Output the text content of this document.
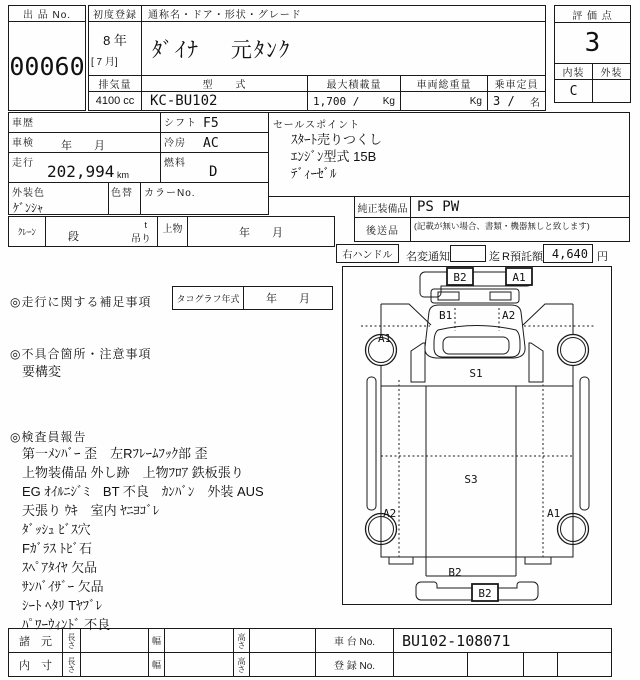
出 品 No.
00060
初度登録
8 年
[ 7 月]
通称名・ドア・形状・グレード
ﾀﾞｲﾅ　 元ﾀﾝｸ
排気量
4100 cc
型　　式
KC-BU102
最大積載量
1,700 / Kg
車両総重量
Kg
乗車定員
3 / 名
評 価 点
3
内装	外装
C
車歴	シフト F5
車検 年　　月	冷房 AC
走行 202,994 km
燃料
D
外装色
ｹﾞﾝｼｬ
色替 カラーNo.
ｸﾚｰﾝ	段
t
吊り
上物	年　　月
セールスポイント
ｽﾀｰﾄ売りつくし
ｴﾝｼﾞﾝ型式 15B
ﾃﾞｨｰｾﾞﾙ
純正装備品 PS PW
後送品	(記載が無い場合、書類・機器無しと致します)
右ハンドル	名変通知	迄 R預託額 4,640 円
◎走行に関する補足事項	タコグラフ年式	年　　月
◎不具合箇所・注意事項
要構変
◎検査員報告
第一ﾒﾝﾊﾞｰ 歪　左Rﾌﾚｰﾑﾌｯｸ部 歪
上物装備品 外し跡　上物ﾌﾛｱ 鉄板張り
EG ｵｲﾙﾆｼﾞﾐ　BT 不良　ｶﾝﾊﾞﾝ　外装 AUS
天張り ｳｷ　室内 ﾔﾆﾖｺﾞﾚ
ﾀﾞｯｼｭ ﾋﾞｽ穴
Fｶﾞﾗｽ ﾄﾋﾞ石
ｽﾍﾟｱﾀｲﾔ 欠品
ｻﾝﾊﾞｲｻﾞｰ 欠品
ｼｰﾄ ﾍﾀﾘ Tﾔﾌﾞﾚ
ﾊﾟﾜｰｳｨﾝﾄﾞ 不良
B2	A1
B1	A2
A1
S1
S3
A2	A1
B2
B2
諸　元	長さ	幅	高さ	車 台 No.	BU102-108071
内　寸	長さ	幅	高さ	登 録 No.
